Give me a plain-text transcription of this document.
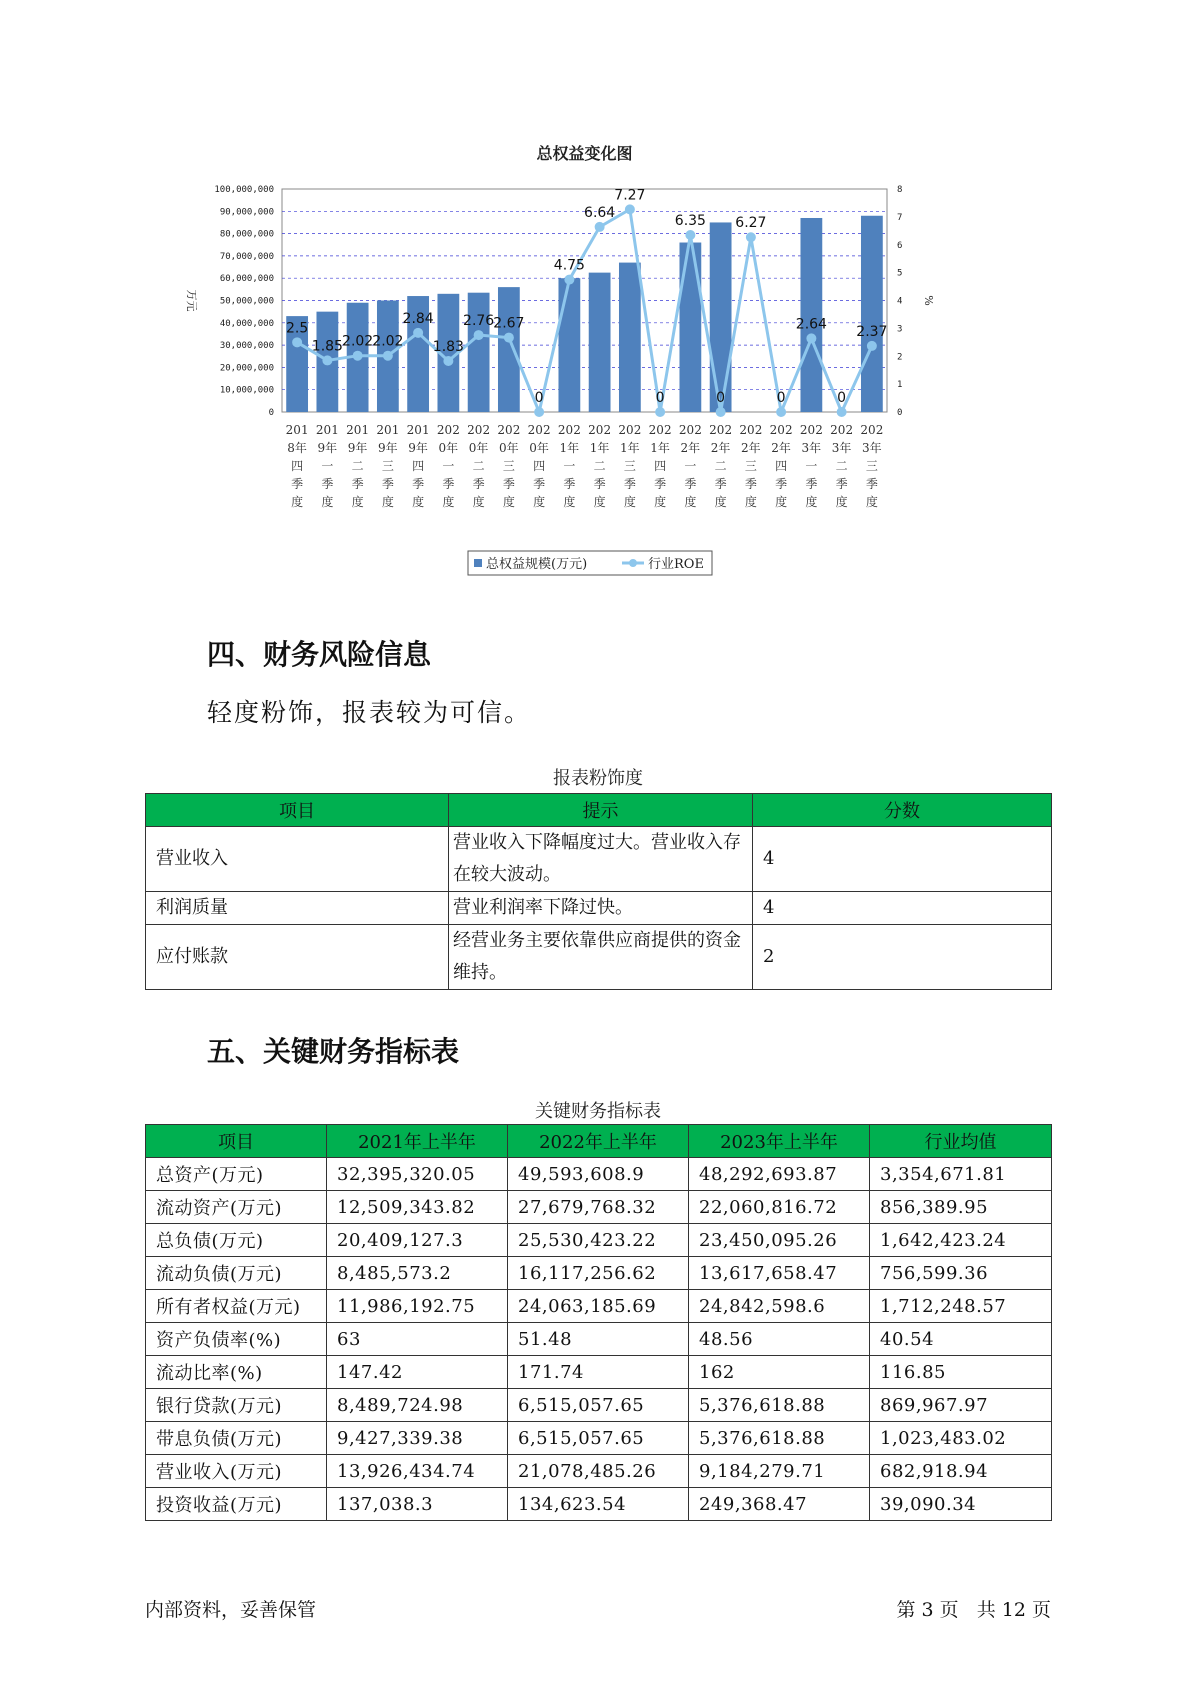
总权益变化图
0
10,000,000
20,000,000
30,000,000
40,000,000
50,000,000
60,000,000
70,000,000
80,000,000
90,000,000
100,000,000
0
1
2
3
4
5
6
7
8
万元	%
201 8年四季度
201 9年一季度
201 9年二季度
201 9年三季度
201 9年四季度
202 0年一季度
202 0年二季度
202 0年三季度
202 0年四季度
202 1年一季度
202 1年二季度
202 1年三季度
202 1年四季度
202 2年一季度
202 2年二季度
202 2年三季度
202 2年四季度
202 3年一季度
202 3年二季度
202 3年三季度
2.5
1.85 2.02 2.02
2.84
1.83
2.76 2.67
0
4.75
6.64
7.27
0
6.35
0
6.27
0
2.64
0
2.37
总权益规模(万元)	行业ROE
四、财务风险信息

轻度粉饰，报表较为可信。

报表粉饰度
项目	提示	分数
营业收入	营业收入下降幅度过大。营业收入存在较大波动。	4
利润质量	营业利润率下降过快。	4
应付账款	经营业务主要依靠供应商提供的资金维持。	2
五、关键财务指标表
关键财务指标表
项目	2021年上半年	2022年上半年	2023年上半年	行业均值
总资产(万元)	32,395,320.05	49,593,608.9	48,292,693.87	3,354,671.81
流动资产(万元)	12,509,343.82	27,679,768.32	22,060,816.72	856,389.95
总负债(万元)	20,409,127.3	25,530,423.22	23,450,095.26	1,642,423.24
流动负债(万元)	8,485,573.2	16,117,256.62	13,617,658.47	756,599.36
所有者权益(万元)	11,986,192.75	24,063,185.69	24,842,598.6	1,712,248.57
资产负债率(%)	63	51.48	48.56	40.54
流动比率(%)	147.42	171.74	162	116.85
银行贷款(万元)	8,489,724.98	6,515,057.65	5,376,618.88	869,967.97
带息负债(万元)	9,427,339.38	6,515,057.65	5,376,618.88	1,023,483.02
营业收入(万元)	13,926,434.74	21,078,485.26	9,184,279.71	682,918.94
投资收益(万元)	137,038.3	134,623.54	249,368.47	39,090.34
内部资料，妥善保管	第 3 页   共 12 页
